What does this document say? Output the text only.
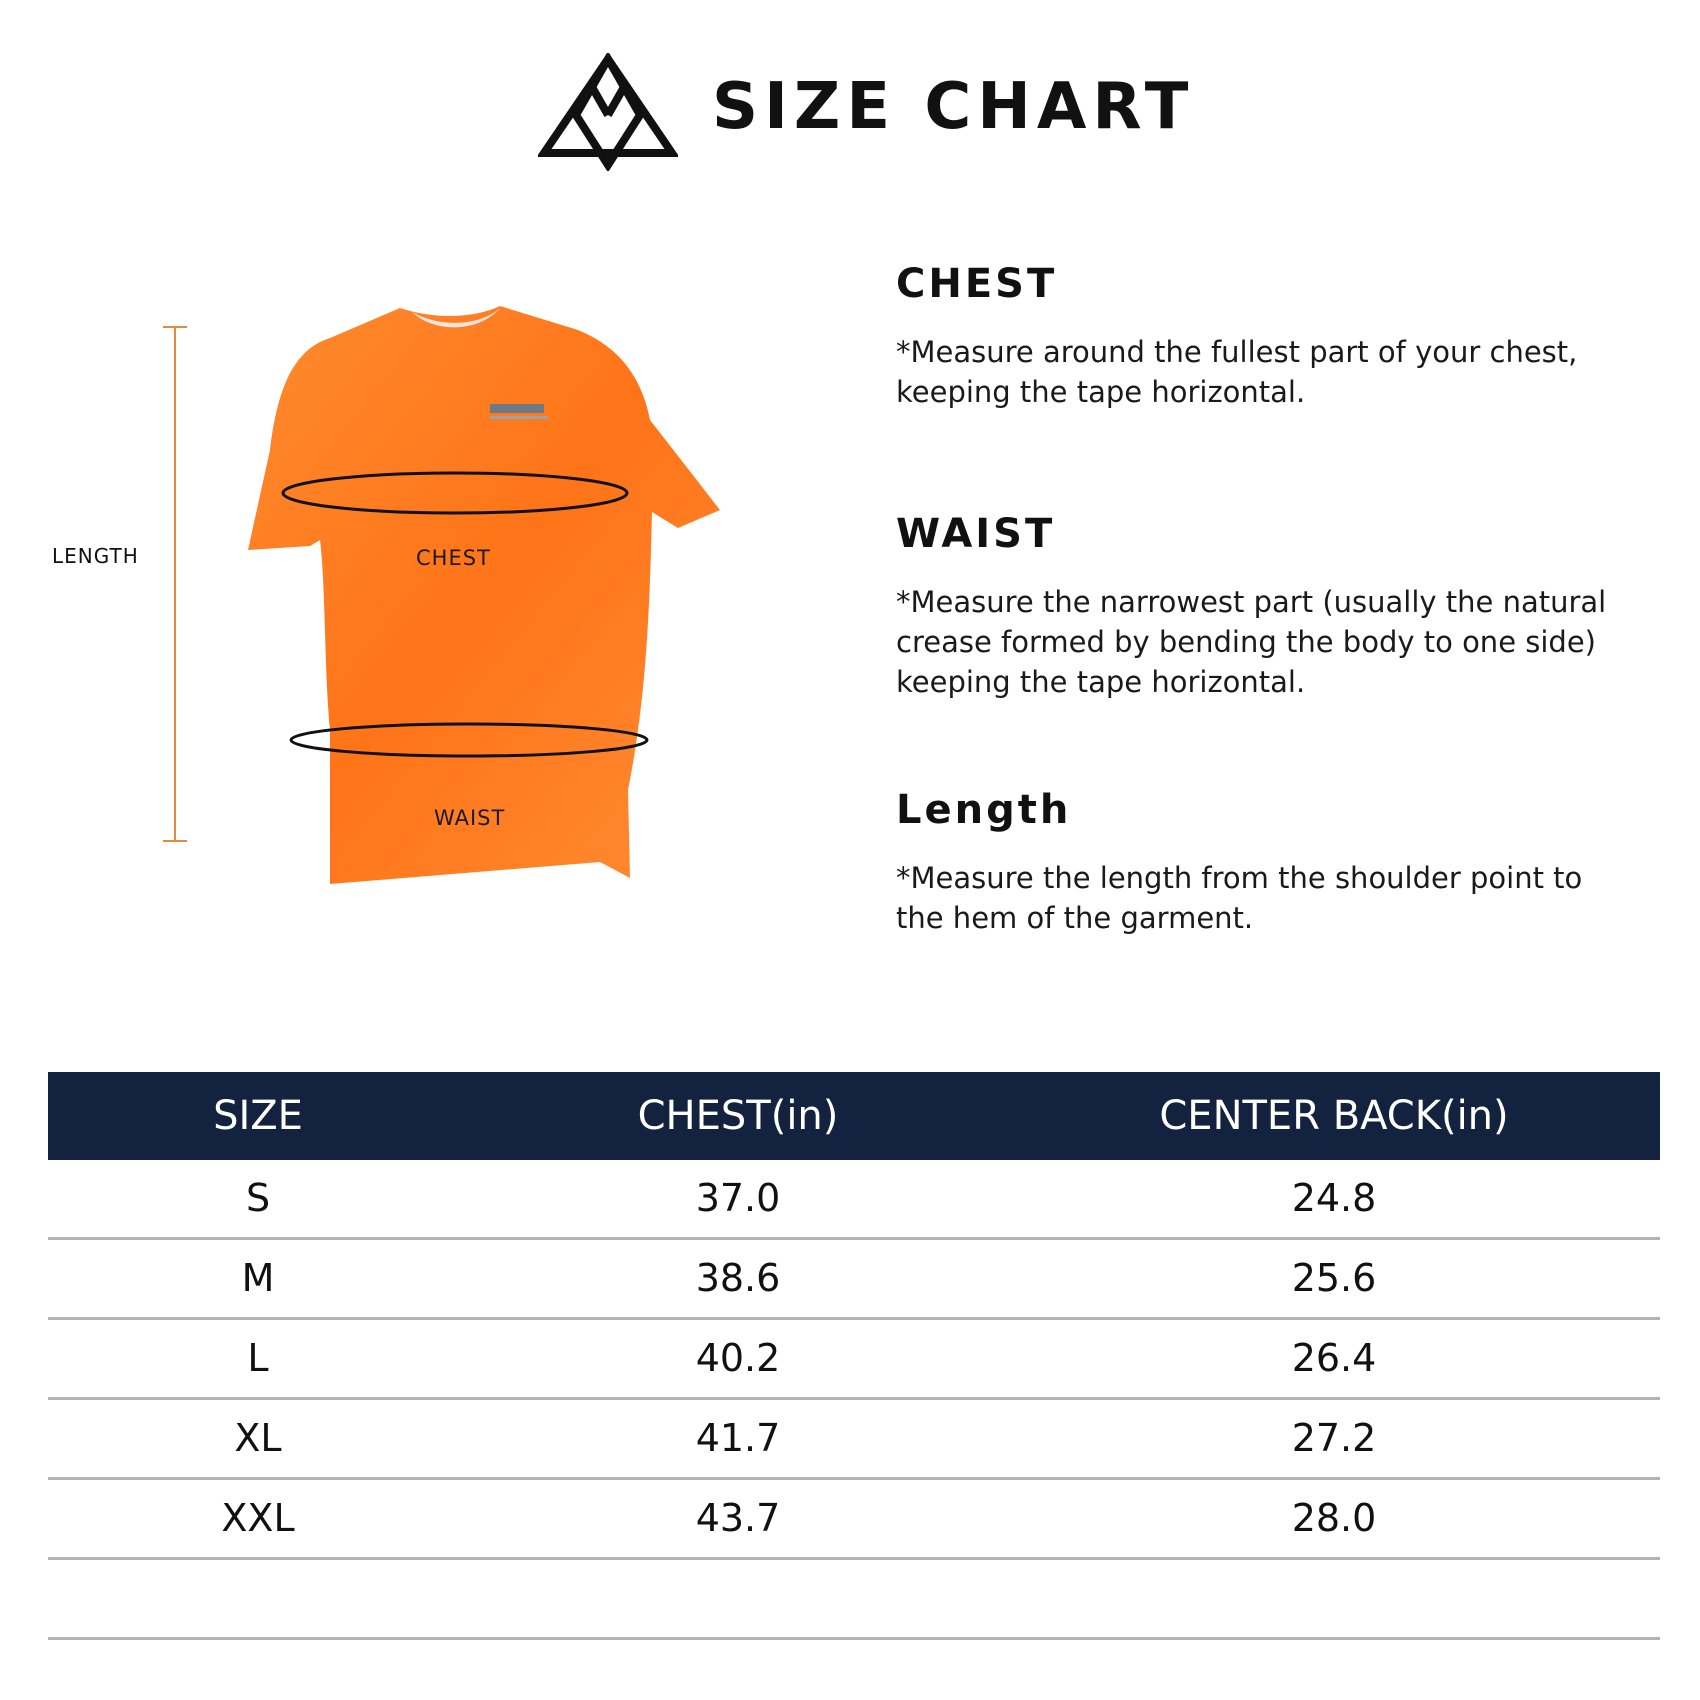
SIZE CHART
LENGTH	CHEST
WAIST
CHEST
*Measure around the fullest part of your chest,
keeping the tape horizontal.
WAIST
*Measure the narrowest part (usually the natural
crease formed by bending the body to one side)
keeping the tape horizontal.
Length
*Measure the length from the shoulder point to
the hem of the garment.
SIZE	CHEST(in)	CENTER BACK(in)
S	37.0	24.8
M	38.6	25.6
L	40.2	26.4
XL	41.7	27.2
XXL	43.7	28.0
